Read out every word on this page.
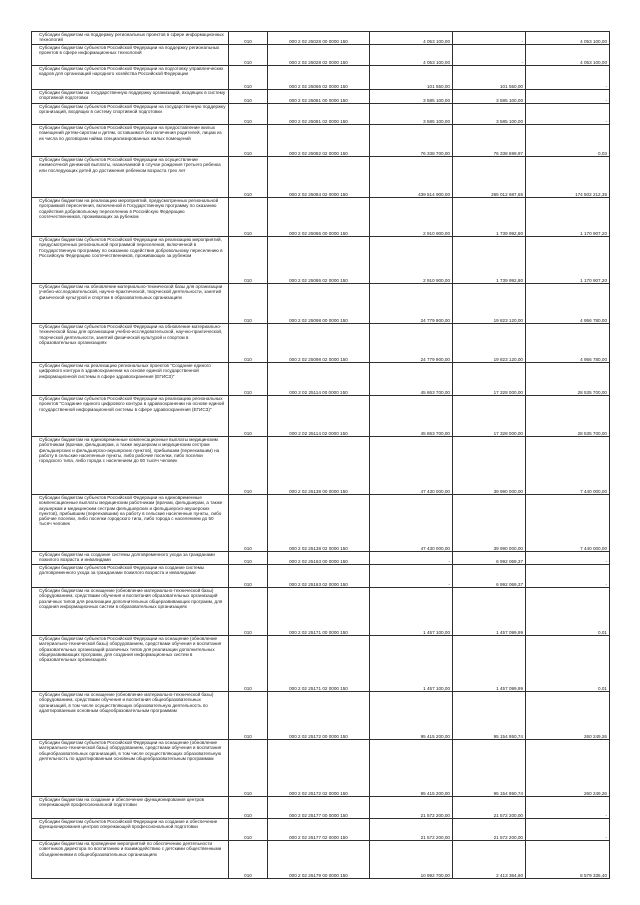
Субсидии бюджетам на поддержку региональных проектов в сфере информационных технологий	010	000 2 02 25028 00 0000 150	4 053 100,00	-	4 053 100,00
Субсидии бюджетам субъектов Российской Федерации на поддержку региональных проектов в сфере информационных технологий	010	000 2 02 25028 02 0000 150	4 053 100,00	-	4 053 100,00
Субсидии бюджетам субъектов Российской Федерации на подготовку управленческих кадров для организаций народного хозяйства Российской Федерации	010	000 2 02 25066 02 0000 150	101 550,00	101 550,00	-
Субсидии бюджетам на государственную поддержку организаций, входящих в систему спортивной подготовки	010	000 2 02 25081 00 0000 150	3 585 100,00	3 585 100,00	-
Субсидии бюджетам субъектов Российской Федерации на государственную поддержку организаций, входящих в систему спортивной подготовки	010	000 2 02 25081 02 0000 150	3 585 100,00	3 585 100,00	-
Субсидии бюджетам субъектов Российской Федерации на предоставление жилых помещений детям-сиротам и детям, оставшимся без попечения родителей, лицам из их числа по договорам найма специализированных жилых помещений	010	000 2 02 25082 02 0000 150	76 338 700,00	76 338 699,97	0,03
Субсидии бюджетам субъектов Российской Федерации на осуществление ежемесячной денежной выплаты, назначаемой в случае рождения третьего ребенка или последующих детей до достижения ребенком возраста трех лет	010	000 2 02 25084 02 0000 150	439 514 900,00	265 012 687,65	174 502 212,35
Субсидии бюджетам на реализацию мероприятий, предусмотренных региональной программой переселения, включенной в Государственную программу по оказанию содействия добровольному переселению в Российскую Федерацию соотечественников, проживающих за рубежом	010	000 2 02 25086 00 0000 150	2 910 900,00	1 739 992,80	1 170 907,20
Субсидии бюджетам субъектов Российской Федерации на реализацию мероприятий, предусмотренных региональной программой переселения, включенной в Государственную программу по оказанию содействия добровольному переселению в Российскую Федерацию соотечественников, проживающих за рубежом	010	000 2 02 25086 02 0000 150	2 910 900,00	1 739 992,80	1 170 907,20
Субсидии бюджетам на обновление материально-технической базы для организации учебно-исследовательской, научно-практической, творческой деятельности, занятий физической культурой и спортом в образовательных организациях	010	000 2 02 25098 00 0000 150	24 779 900,00	19 823 120,00	4 956 780,00
Субсидии бюджетам субъектов Российской Федерации на обновление материально-технической базы для организации учебно-исследовательской, научно-практической, творческой деятельности, занятий физической культурой и спортом в образовательных организациях	010	000 2 02 25098 02 0000 150	24 779 900,00	19 823 120,00	4 956 780,00
Субсидии бюджетам на реализацию региональных проектов "Создание единого цифрового контура в здравоохранении на основе единой государственной информационной системы в сфере здравоохранения (ЕГИСЗ)"	010	000 2 02 25114 00 0000 150	45 863 700,00	17 328 000,00	28 535 700,00
Субсидии бюджетам субъектов Российской Федерации на реализацию региональных проектов "Создание единого цифрового контура в здравоохранении на основе единой государственной информационной системы в сфере здравоохранения (ЕГИСЗ)"	010	000 2 02 25114 02 0000 150	45 863 700,00	17 328 000,00	28 535 700,00
Субсидии бюджетам на единовременные компенсационные выплаты медицинским работникам (врачам, фельдшерам, а также акушеркам и медицинским сестрам фельдшерских и фельдшерско-акушерских пунктов), прибывшим (переехавшим) на работу в сельские населенные пункты, либо рабочие поселки, либо поселки городского типа, либо города с населением до 50 тысяч человек	010	000 2 02 25138 00 0000 150	47 430 000,00	39 990 000,00	7 440 000,00
Субсидии бюджетам субъектов Российской Федерации на единовременные компенсационные выплаты медицинским работникам (врачам, фельдшерам, а также акушеркам и медицинским сестрам фельдшерских и фельдшерско-акушерских пунктов), прибывшим (переехавшим) на работу в сельские населенные пункты, либо рабочие поселки, либо поселки городского типа, либо города с населением до 50 тысяч человек	010	000 2 02 25138 02 0000 150	47 430 000,00	39 990 000,00	7 440 000,00
Субсидии бюджетам на создание системы долговременного ухода за гражданами пожилого возраста и инвалидами	010	000 2 02 25163 00 0000 150	-	6 992 069,37	-
Субсидии бюджетам субъектов Российской Федерации на создание системы долговременного ухода за гражданами пожилого возраста и инвалидами	010	000 2 02 25163 02 0000 150	-	6 992 069,37	-
Субсидии бюджетам на оснащение (обновление материально-технической базы) оборудованием, средствами обучения и воспитания образовательных организаций различных типов для реализации дополнительных общеразвивающих программ, для создания информационных систем в образовательных организациях	010	000 2 02 25171 00 0000 150	1 457 100,00	1 457 099,99	0,01
Субсидии бюджетам субъектов Российской Федерации на оснащение (обновление материально-технической базы) оборудованием, средствами обучения и воспитания образовательных организаций различных типов для реализации дополнительных общеразвивающих программ, для создания информационных систем в образовательных организациях	010	000 2 02 25171 02 0000 150	1 457 100,00	1 457 099,99	0,01
Субсидии бюджетам на оснащение (обновление материально-технической базы) оборудованием, средствами обучения и воспитания общеобразовательных организаций, в том числе осуществляющих образовательную деятельность по адаптированным основным общеобразовательным программам	010	000 2 02 25172 00 0000 150	95 415 200,00	95 154 950,74	260 249,26
Субсидии бюджетам субъектов Российской Федерации на оснащение (обновление материально-технической базы) оборудованием, средствами обучения и воспитания общеобразовательных организаций, в том числе осуществляющих образовательную деятельность по адаптированным основным общеобразовательным программам	010	000 2 02 25172 02 0000 150	95 415 200,00	95 154 950,74	260 249,26
Субсидии бюджетам на создание и обеспечение функционирования центров опережающей профессиональной подготовки	010	000 2 02 25177 00 0000 150	21 572 200,00	21 572 200,00	-
Субсидии бюджетам субъектов Российской Федерации на создание и обеспечение функционирования центров опережающей профессиональной подготовки	010	000 2 02 25177 02 0000 150	21 572 200,00	21 572 200,00	-
Субсидии бюджетам на проведение мероприятий по обеспечению деятельности советников директора по воспитанию и взаимодействию с детскими общественными объединениями в общеобразовательных организациях	010	000 2 02 25179 00 0000 150	10 992 700,00	2 413 364,60	8 579 335,40
